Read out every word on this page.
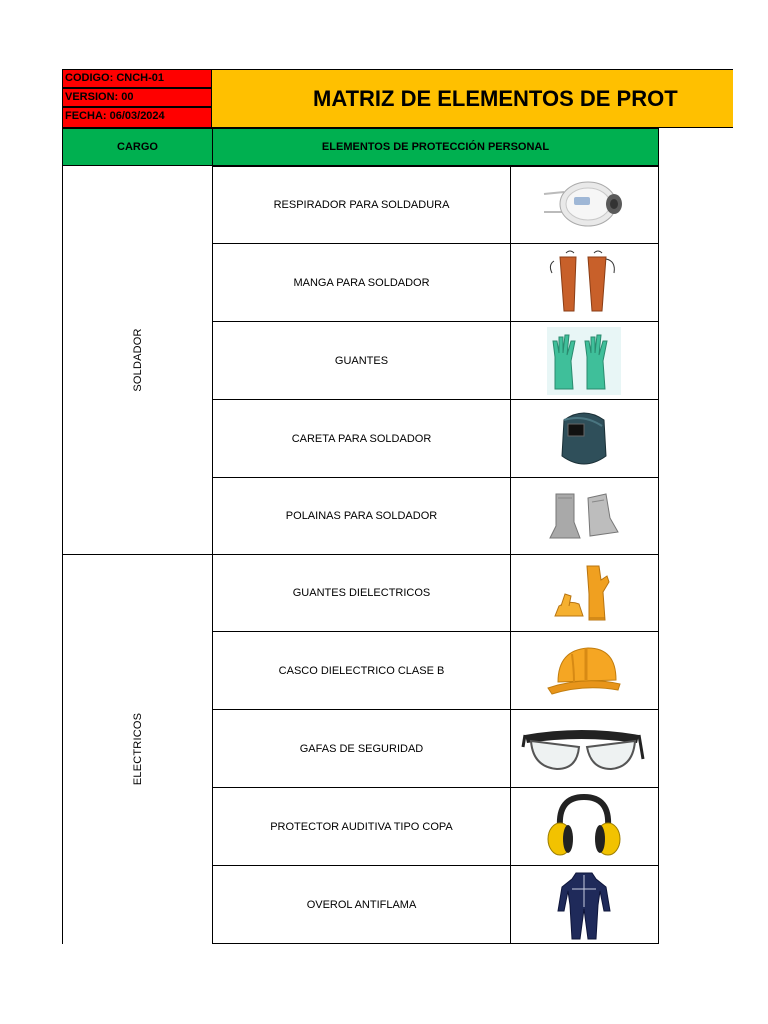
CODIGO: CNCH-01
VERSION: 00
FECHA: 06/03/2024
MATRIZ DE ELEMENTOS DE PROT
CARGO	ELEMENTOS DE PROTECCIÓN PERSONAL
SOLDADOR
ELECTRICOS
RESPIRADOR PARA SOLDADURA
MANGA PARA SOLDADOR
GUANTES
CARETA PARA SOLDADOR
POLAINAS PARA SOLDADOR
GUANTES DIELECTRICOS
CASCO DIELECTRICO CLASE B
GAFAS DE SEGURIDAD
PROTECTOR AUDITIVA TIPO COPA
OVEROL ANTIFLAMA
